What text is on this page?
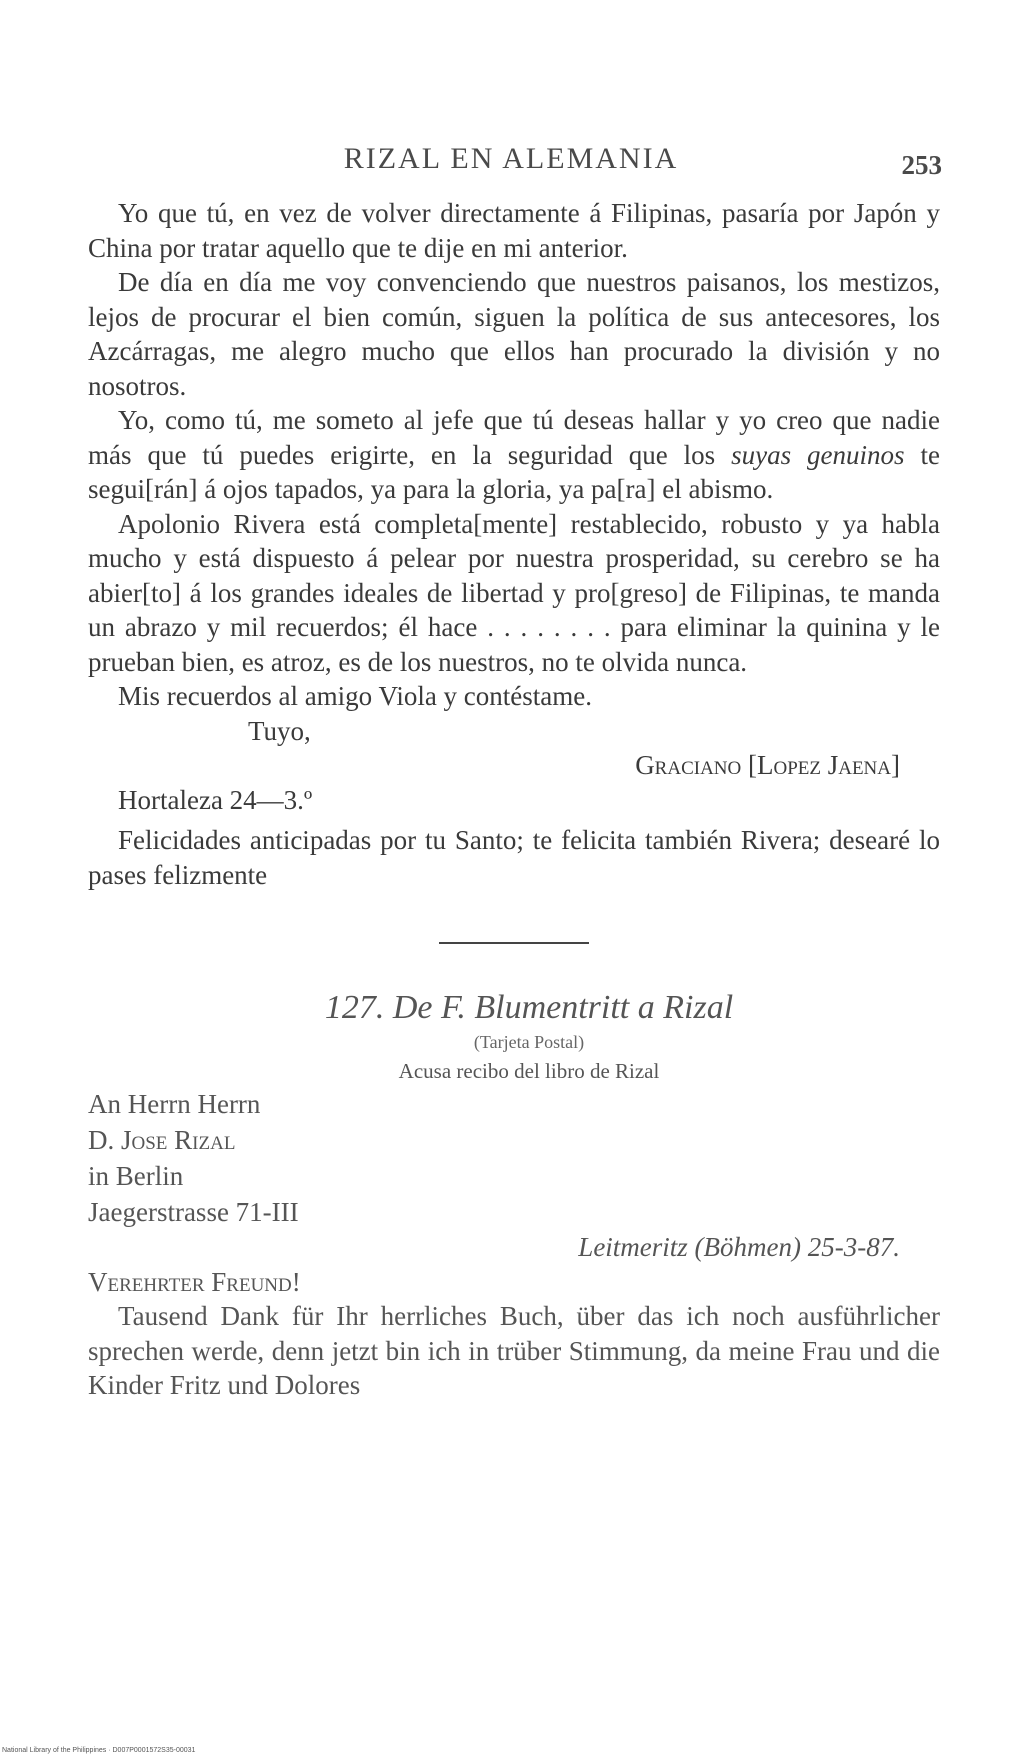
RIZAL EN ALEMANIA	253

Yo que tú, en vez de volver directamente á Filipinas, pasaría por Japón y China por tratar aquello que te dije en mi anterior.

De día en día me voy convenciendo que nuestros paisanos, los mestizos, lejos de procurar el bien común, siguen la política de sus antecesores, los Azcárragas, me alegro mucho que ellos han procurado la división y no nosotros.

Yo, como tú, me someto al jefe que tú deseas hallar y yo creo que nadie más que tú puedes erigirte, en la seguridad que los suyas genuinos te segui[rán] á ojos tapados, ya para la gloria, ya pa[ra] el abismo.

Apolonio Rivera está completa[mente] restablecido, robusto y ya habla mucho y está dispuesto á pelear por nuestra prosperidad, su cerebro se ha abier[to] á los grandes ideales de libertad y pro[greso] de Filipinas, te manda un abrazo y mil recuerdos; él hace . . . . . . . . para eliminar la quinina y le prueban bien, es atroz, es de los nuestros, no te olvida nunca.

Mis recuerdos al amigo Viola y contéstame.

Tuyo,

Graciano [Lopez Jaena]

Hortaleza 24—3.º

Felicidades anticipadas por tu Santo; te felicita también Rivera; desearé lo pases felizmente

127. De F. Blumentritt a Rizal

(Tarjeta Postal)

Acusa recibo del libro de Rizal

An Herrn Herrn

D. Jose Rizal

in Berlin

Jaegerstrasse 71-III

Leitmeritz (Böhmen) 25-3-87.

Verehrter Freund!

Tausend Dank für Ihr herrliches Buch, über das ich noch ausführlicher sprechen werde, denn jetzt bin ich in trüber Stimmung, da meine Frau und die Kinder Fritz und Dolores

National Library of the Philippines · D007P0001572S35-00031
